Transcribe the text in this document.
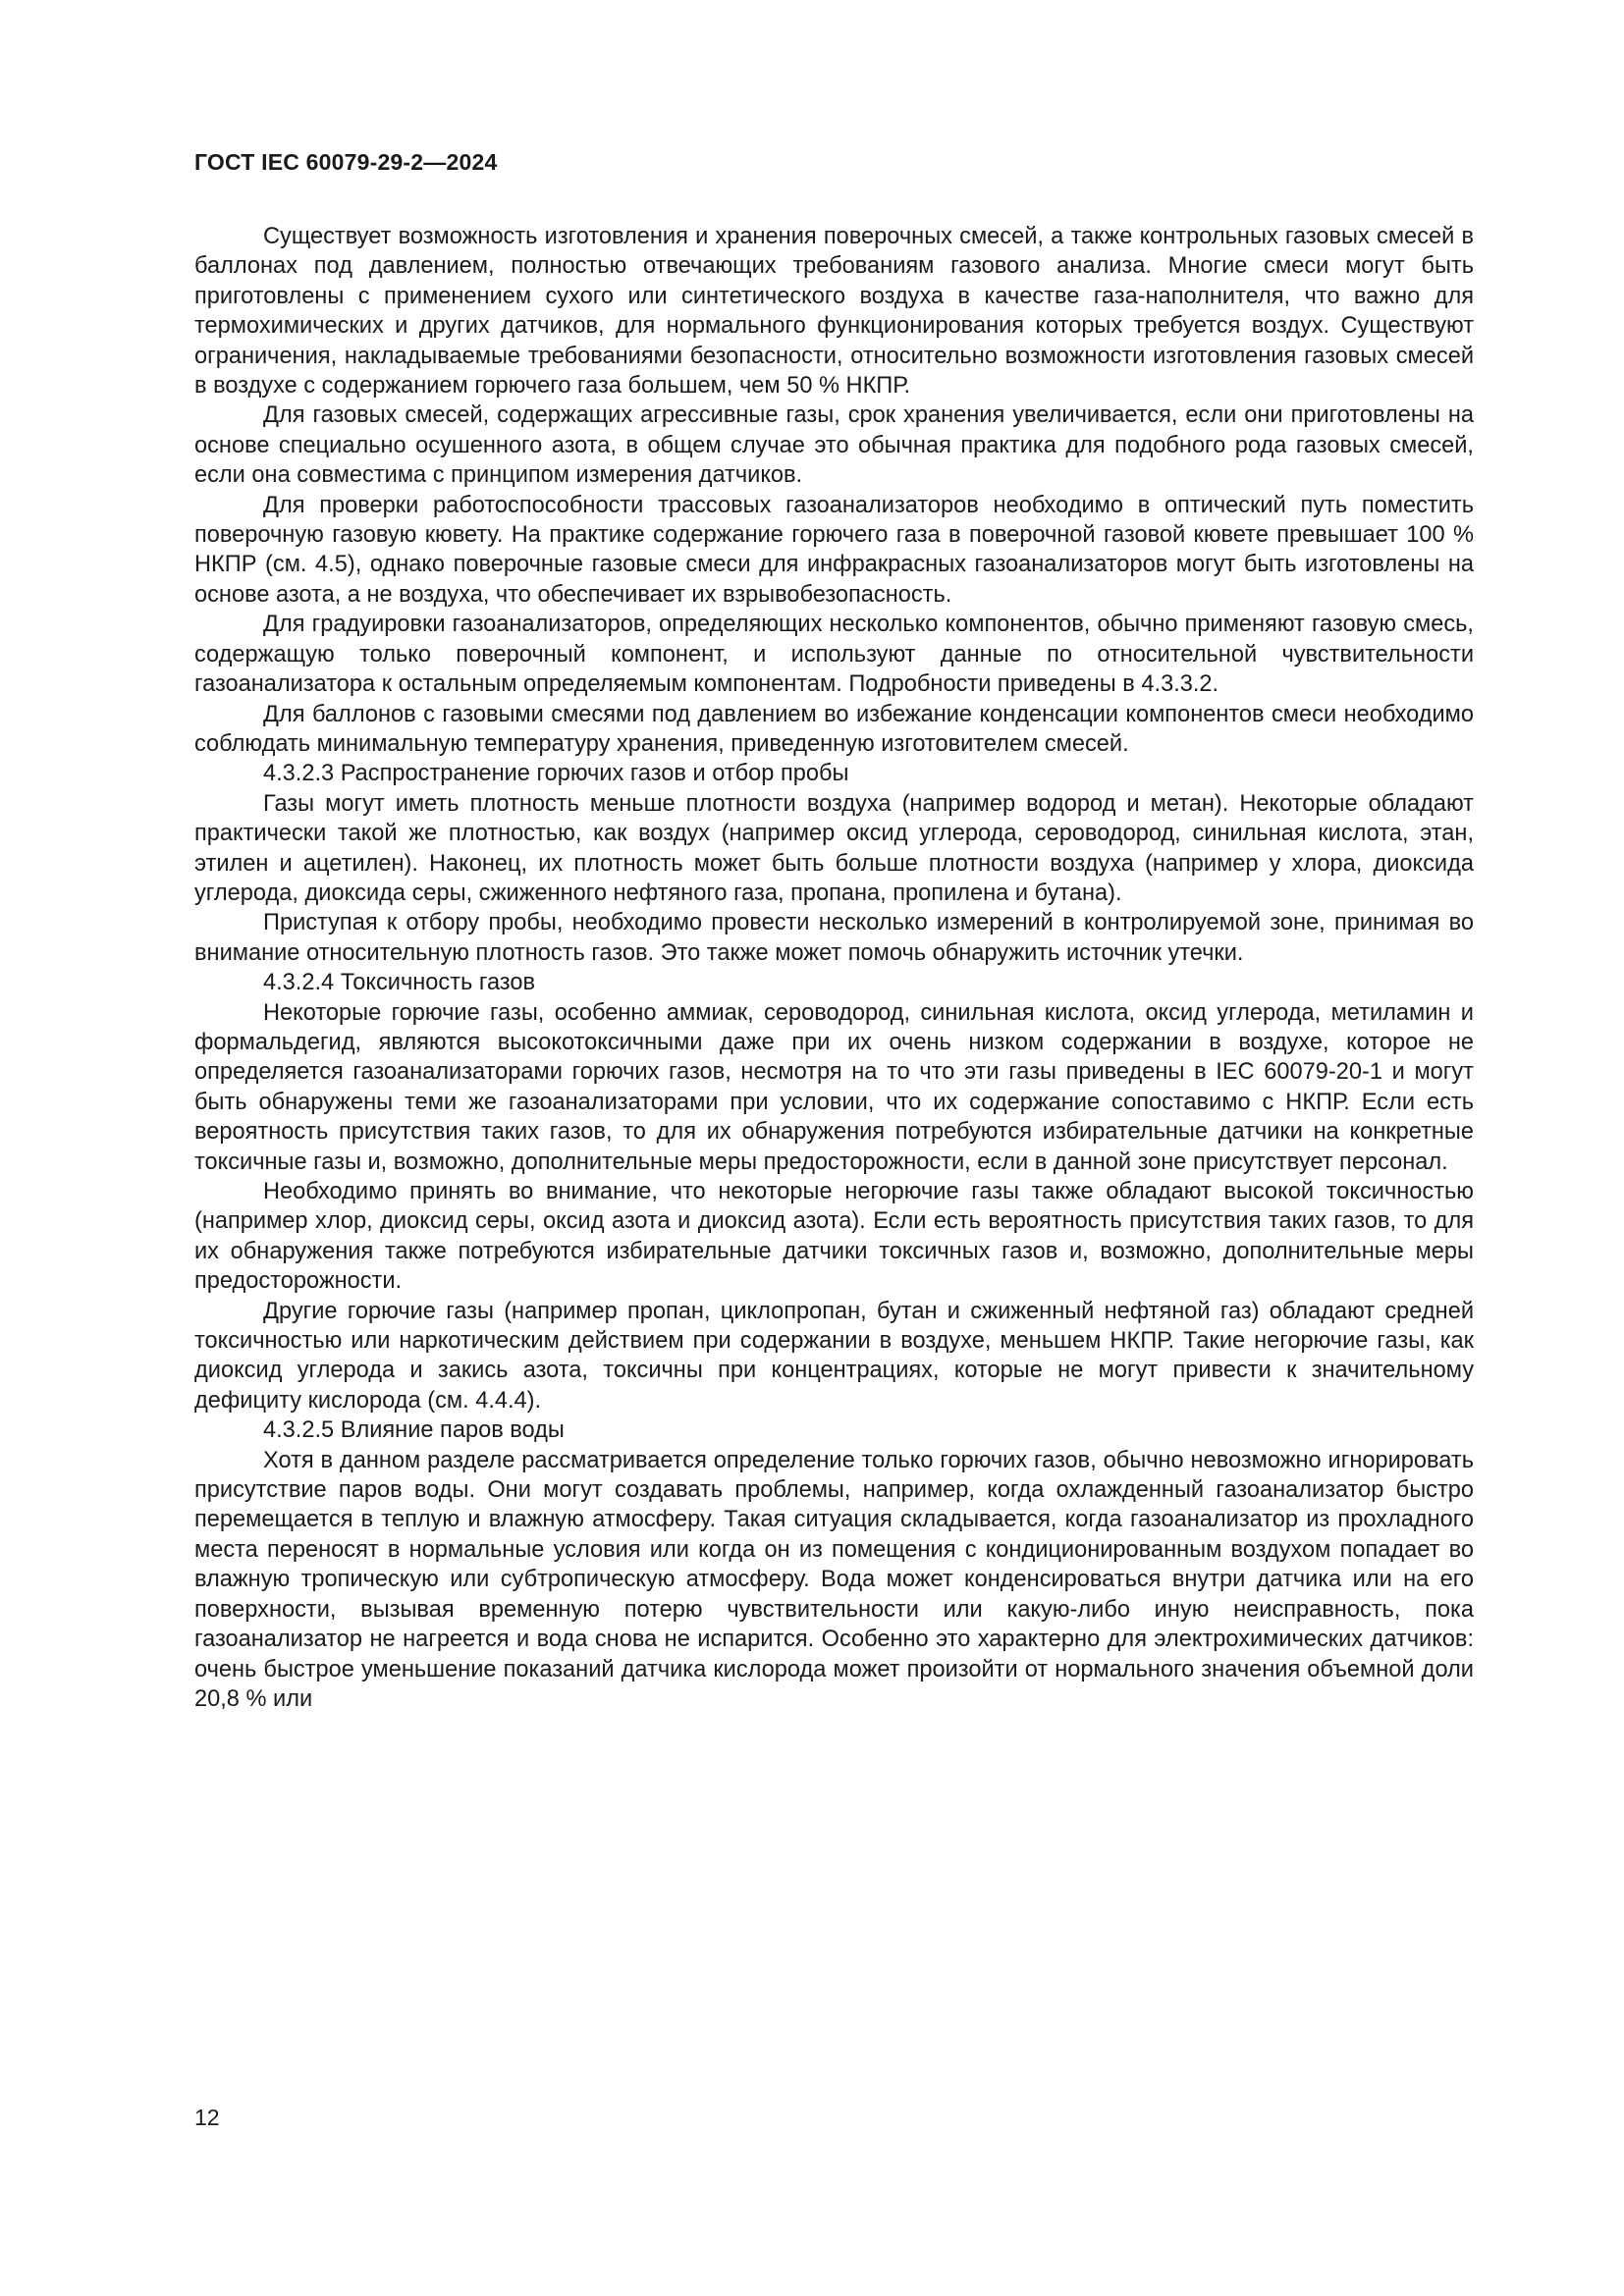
ГОСТ IEC 60079-29-2—2024

Существует возможность изготовления и хранения поверочных смесей, а также контрольных газовых смесей в баллонах под давлением, полностью отвечающих требованиям газового анализа. Многие смеси могут быть приготовлены с применением сухого или синтетического воздуха в качестве газа-наполнителя, что важно для термохимических и других датчиков, для нормального функционирования которых требуется воздух. Существуют ограничения, накладываемые требованиями безопасности, относительно возможности изготовления газовых смесей в воздухе с содержанием горючего газа большем, чем 50 % НКПР.

Для газовых смесей, содержащих агрессивные газы, срок хранения увеличивается, если они приготовлены на основе специально осушенного азота, в общем случае это обычная практика для подобного рода газовых смесей, если она совместима с принципом измерения датчиков.

Для проверки работоспособности трассовых газоанализаторов необходимо в оптический путь поместить поверочную газовую кювету. На практике содержание горючего газа в поверочной газовой кювете превышает 100 % НКПР (см. 4.5), однако поверочные газовые смеси для инфракрасных газоанализаторов могут быть изготовлены на основе азота, а не воздуха, что обеспечивает их взрывобезопасность.

Для градуировки газоанализаторов, определяющих несколько компонентов, обычно применяют газовую смесь, содержащую только поверочный компонент, и используют данные по относительной чувствительности газоанализатора к остальным определяемым компонентам. Подробности приведены в 4.3.3.2.

Для баллонов с газовыми смесями под давлением во избежание конденсации компонентов смеси необходимо соблюдать минимальную температуру хранения, приведенную изготовителем смесей.

4.3.2.3 Распространение горючих газов и отбор пробы

Газы могут иметь плотность меньше плотности воздуха (например водород и метан). Некоторые обладают практически такой же плотностью, как воздух (например оксид углерода, сероводород, синильная кислота, этан, этилен и ацетилен). Наконец, их плотность может быть больше плотности воздуха (например у хлора, диоксида углерода, диоксида серы, сжиженного нефтяного газа, пропана, пропилена и бутана).

Приступая к отбору пробы, необходимо провести несколько измерений в контролируемой зоне, принимая во внимание относительную плотность газов. Это также может помочь обнаружить источник утечки.

4.3.2.4 Токсичность газов

Некоторые горючие газы, особенно аммиак, сероводород, синильная кислота, оксид углерода, метиламин и формальдегид, являются высокотоксичными даже при их очень низком содержании в воздухе, которое не определяется газоанализаторами горючих газов, несмотря на то что эти газы приведены в IEC 60079-20-1 и могут быть обнаружены теми же газоанализаторами при условии, что их содержание сопоставимо с НКПР. Если есть вероятность присутствия таких газов, то для их обнаружения потребуются избирательные датчики на конкретные токсичные газы и, возможно, дополнительные меры предосторожности, если в данной зоне присутствует персонал.

Необходимо принять во внимание, что некоторые негорючие газы также обладают высокой токсичностью (например хлор, диоксид серы, оксид азота и диоксид азота). Если есть вероятность присутствия таких газов, то для их обнаружения также потребуются избирательные датчики токсичных газов и, возможно, дополнительные меры предосторожности.

Другие горючие газы (например пропан, циклопропан, бутан и сжиженный нефтяной газ) обладают средней токсичностью или наркотическим действием при содержании в воздухе, меньшем НКПР. Такие негорючие газы, как диоксид углерода и закись азота, токсичны при концентрациях, которые не могут привести к значительному дефициту кислорода (см. 4.4.4).

4.3.2.5 Влияние паров воды

Хотя в данном разделе рассматривается определение только горючих газов, обычно невозможно игнорировать присутствие паров воды. Они могут создавать проблемы, например, когда охлажденный газоанализатор быстро перемещается в теплую и влажную атмосферу. Такая ситуация складывается, когда газоанализатор из прохладного места переносят в нормальные условия или когда он из помещения с кондиционированным воздухом попадает во влажную тропическую или субтропическую атмосферу. Вода может конденсироваться внутри датчика или на его поверхности, вызывая временную потерю чувствительности или какую-либо иную неисправность, пока газоанализатор не нагреется и вода снова не испарится. Особенно это характерно для электрохимических датчиков: очень быстрое уменьшение показаний датчика кислорода может произойти от нормального значения объемной доли 20,8 % или

12
